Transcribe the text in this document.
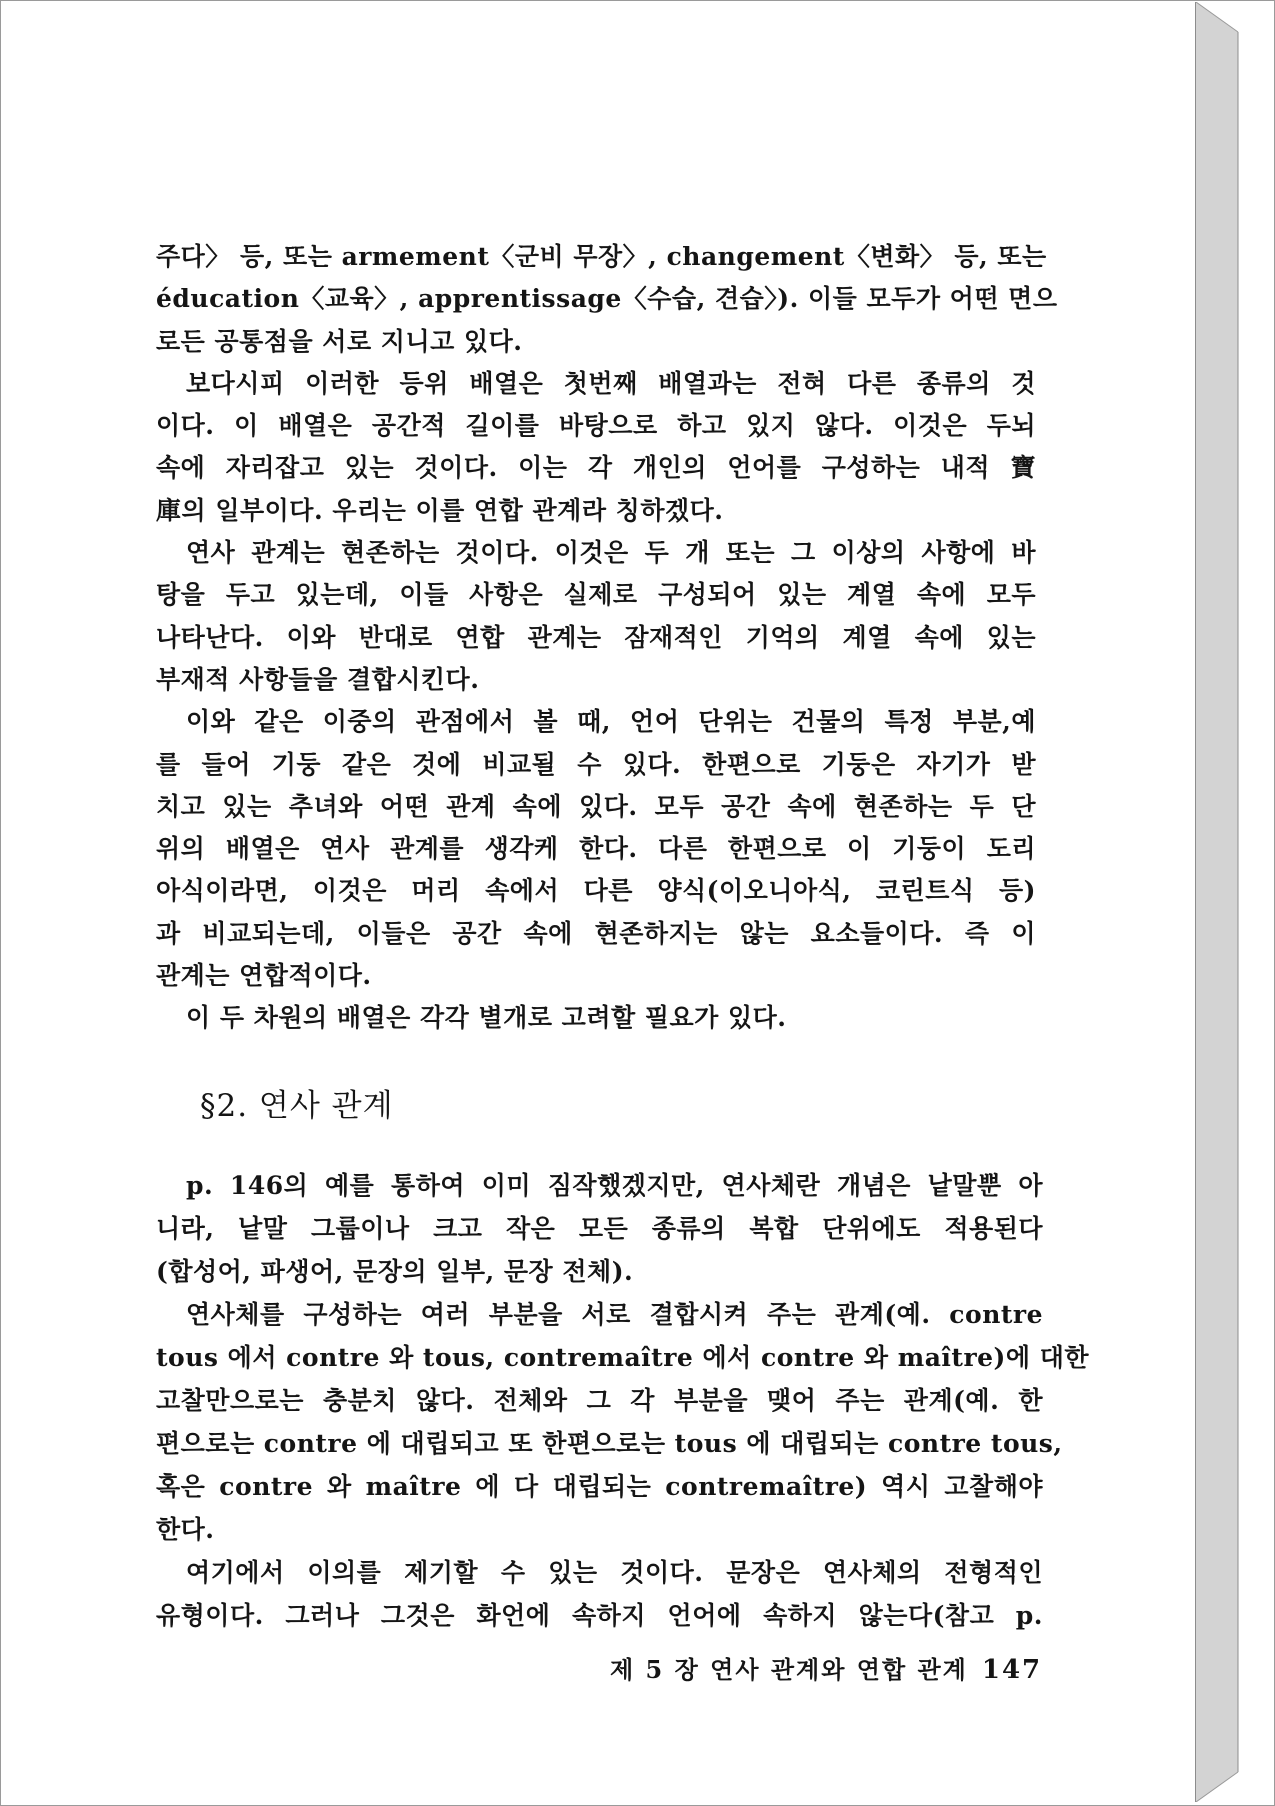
주다〉 등, 또는 armement〈군비 무장〉, changement〈변화〉 등, 또는
éducation〈교육〉, apprentissage〈수습, 견습〉). 이들 모두가 어떤 면으
로든 공통점을 서로 지니고 있다.
보다시피 이러한 등위 배열은 첫번째 배열과는 전혀 다른 종류의 것
이다. 이 배열은 공간적 길이를 바탕으로 하고 있지 않다. 이것은 두뇌
속에 자리잡고 있는 것이다. 이는 각 개인의 언어를 구성하는 내적 寶
庫의 일부이다. 우리는 이를 연합 관계라 칭하겠다.
연사 관계는 현존하는 것이다. 이것은 두 개 또는 그 이상의 사항에 바
탕을 두고 있는데, 이들 사항은 실제로 구성되어 있는 계열 속에 모두
나타난다. 이와 반대로 연합 관계는 잠재적인 기억의 계열 속에 있는
부재적 사항들을 결합시킨다.
이와 같은 이중의 관점에서 볼 때, 언어 단위는 건물의 특정 부분,예
를 들어 기둥 같은 것에 비교될 수 있다. 한편으로 기둥은 자기가 받
치고 있는 추녀와 어떤 관계 속에 있다. 모두 공간 속에 현존하는 두 단
위의 배열은 연사 관계를 생각케 한다. 다른 한편으로 이 기둥이 도리
아식이라면, 이것은 머리 속에서 다른 양식(이오니아식, 코린트식 등)
과 비교되는데, 이들은 공간 속에 현존하지는 않는 요소들이다. 즉 이
관계는 연합적이다.
이 두 차원의 배열은 각각 별개로 고려할 필요가 있다.
§2. 연사 관계
p. 146의 예를 통하여 이미 짐작했겠지만, 연사체란 개념은 낱말뿐 아
니라, 낱말 그룹이나 크고 작은 모든 종류의 복합 단위에도 적용된다
(합성어, 파생어, 문장의 일부, 문장 전체).
연사체를 구성하는 여러 부분을 서로 결합시켜 주는 관계(예. contre
tous 에서 contre 와 tous, contremaître 에서 contre 와 maître)에 대한
고찰만으로는 충분치 않다. 전체와 그 각 부분을 맺어 주는 관계(예. 한
편으로는 contre 에 대립되고 또 한편으로는 tous 에 대립되는 contre tous,
혹은 contre 와 maître 에 다 대립되는 contremaître) 역시 고찰해야
한다.
여기에서 이의를 제기할 수 있는 것이다. 문장은 연사체의 전형적인
유형이다. 그러나 그것은 화언에 속하지 언어에 속하지 않는다(참고 p.
제 5 장 연사 관계와 연합 관계 147
